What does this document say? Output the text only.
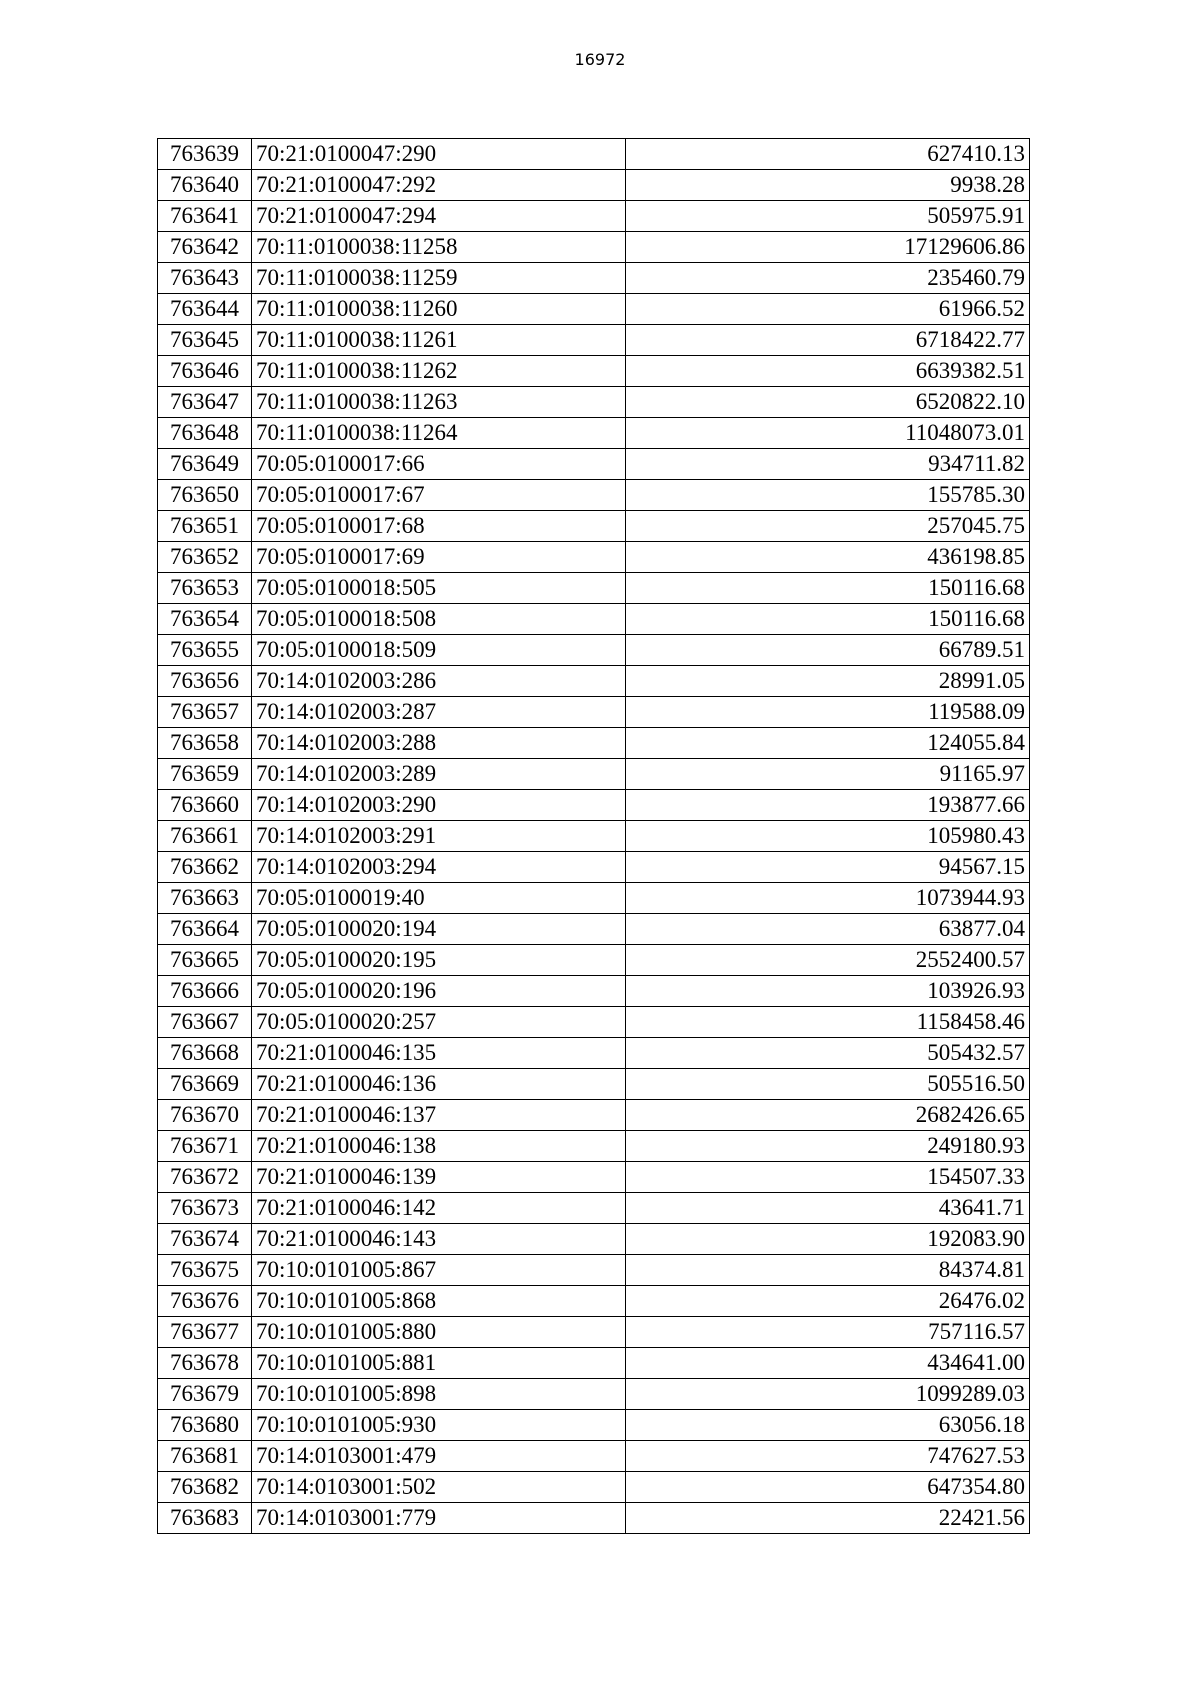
16972
763639	70:21:0100047:290	627410.13
763640	70:21:0100047:292	9938.28
763641	70:21:0100047:294	505975.91
763642	70:11:0100038:11258	17129606.86
763643	70:11:0100038:11259	235460.79
763644	70:11:0100038:11260	61966.52
763645	70:11:0100038:11261	6718422.77
763646	70:11:0100038:11262	6639382.51
763647	70:11:0100038:11263	6520822.10
763648	70:11:0100038:11264	11048073.01
763649	70:05:0100017:66	934711.82
763650	70:05:0100017:67	155785.30
763651	70:05:0100017:68	257045.75
763652	70:05:0100017:69	436198.85
763653	70:05:0100018:505	150116.68
763654	70:05:0100018:508	150116.68
763655	70:05:0100018:509	66789.51
763656	70:14:0102003:286	28991.05
763657	70:14:0102003:287	119588.09
763658	70:14:0102003:288	124055.84
763659	70:14:0102003:289	91165.97
763660	70:14:0102003:290	193877.66
763661	70:14:0102003:291	105980.43
763662	70:14:0102003:294	94567.15
763663	70:05:0100019:40	1073944.93
763664	70:05:0100020:194	63877.04
763665	70:05:0100020:195	2552400.57
763666	70:05:0100020:196	103926.93
763667	70:05:0100020:257	1158458.46
763668	70:21:0100046:135	505432.57
763669	70:21:0100046:136	505516.50
763670	70:21:0100046:137	2682426.65
763671	70:21:0100046:138	249180.93
763672	70:21:0100046:139	154507.33
763673	70:21:0100046:142	43641.71
763674	70:21:0100046:143	192083.90
763675	70:10:0101005:867	84374.81
763676	70:10:0101005:868	26476.02
763677	70:10:0101005:880	757116.57
763678	70:10:0101005:881	434641.00
763679	70:10:0101005:898	1099289.03
763680	70:10:0101005:930	63056.18
763681	70:14:0103001:479	747627.53
763682	70:14:0103001:502	647354.80
763683	70:14:0103001:779	22421.56
